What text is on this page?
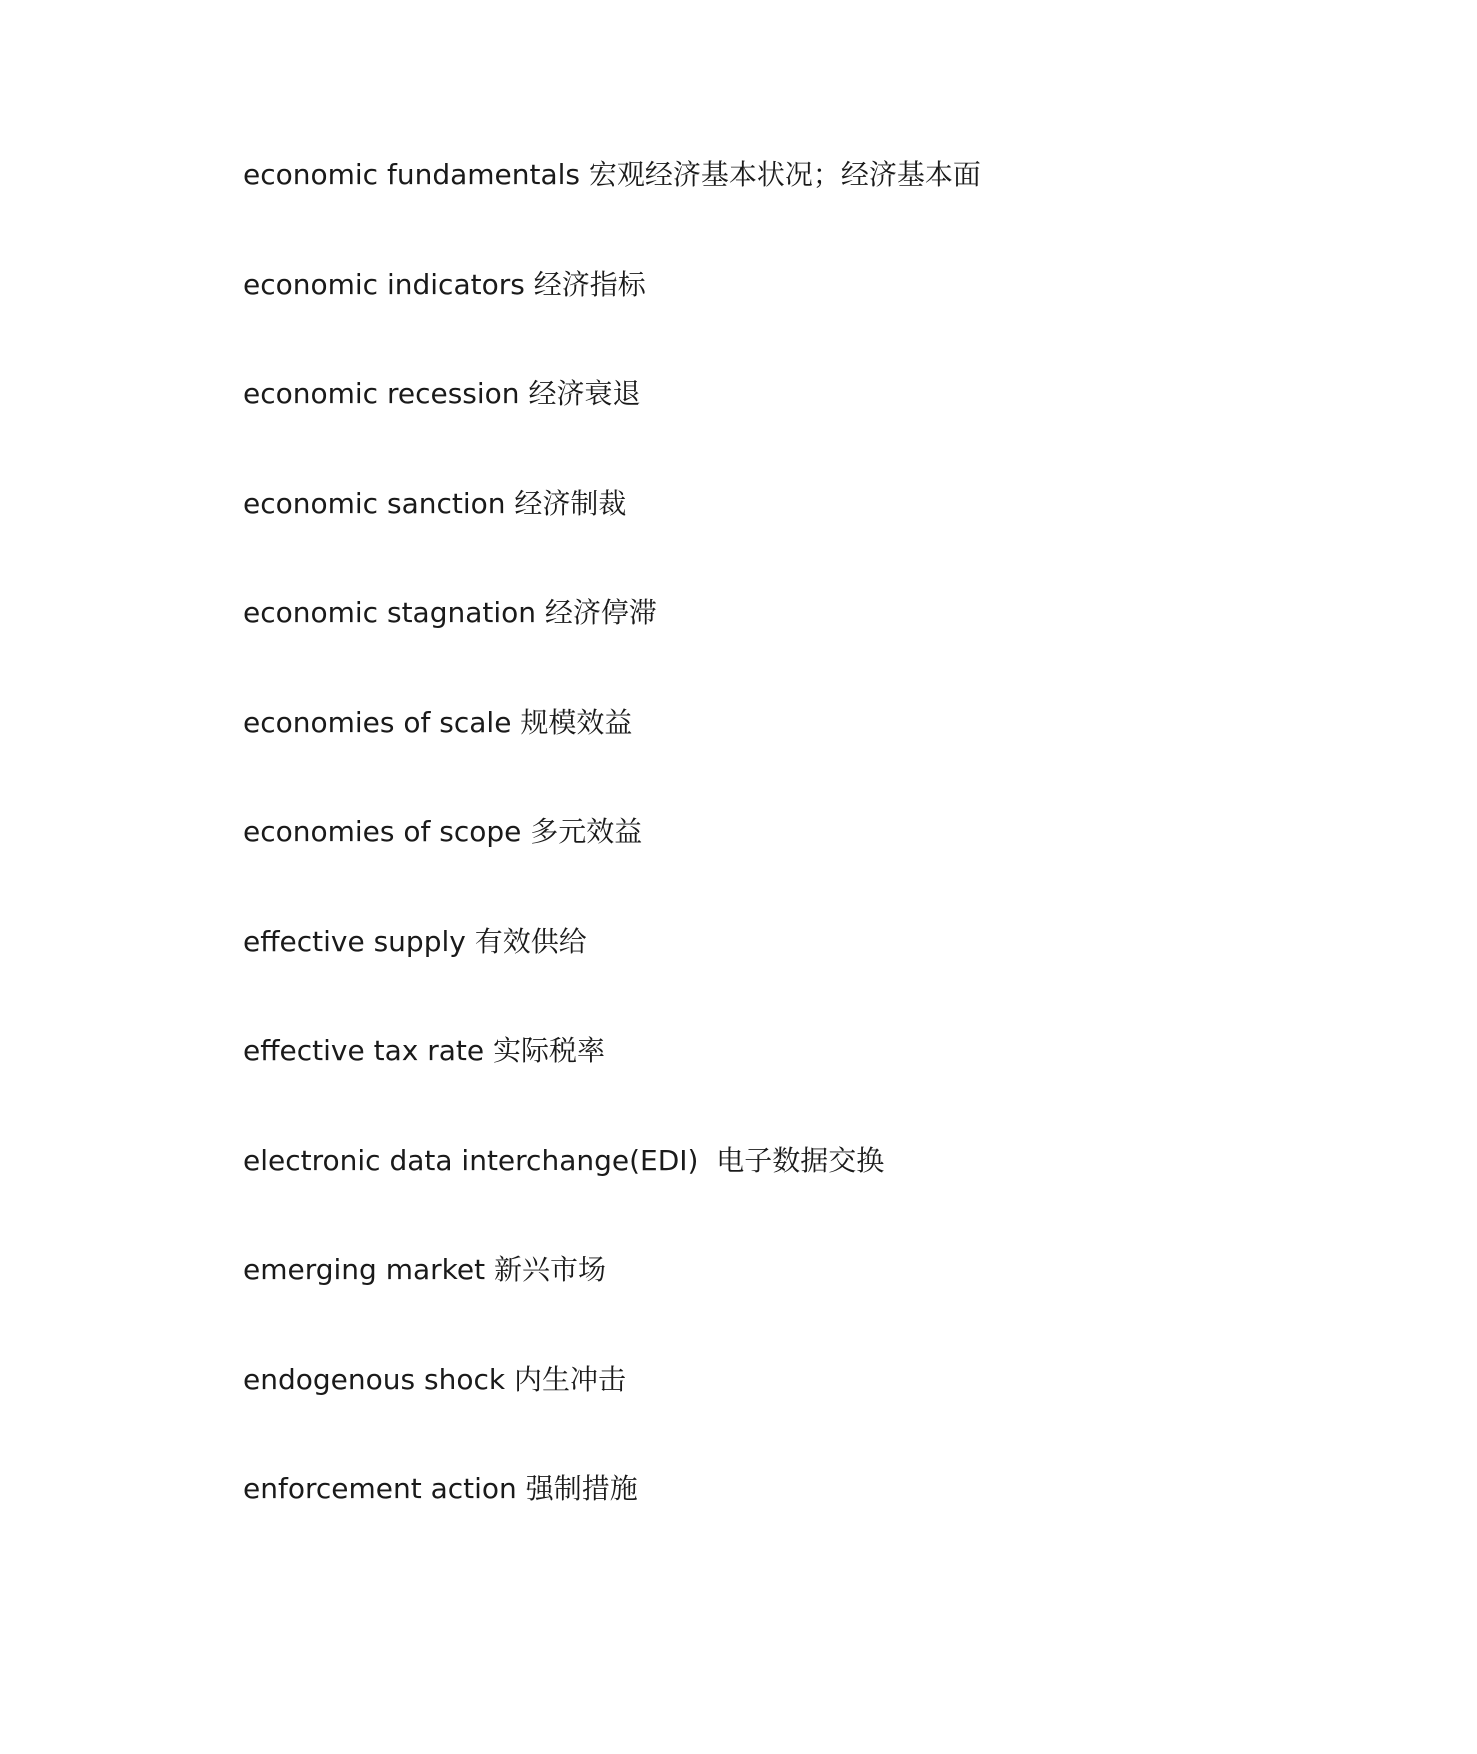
economic fundamentals 宏观经济基本状况；经济基本面
economic indicators 经济指标
economic recession 经济衰退
economic sanction 经济制裁
economic stagnation 经济停滞
economies of scale 规模效益
economies of scope 多元效益
effective supply 有效供给
effective tax rate 实际税率
electronic data interchange(EDI)  电子数据交换
emerging market 新兴市场
endogenous shock 内生冲击
enforcement action 强制措施
